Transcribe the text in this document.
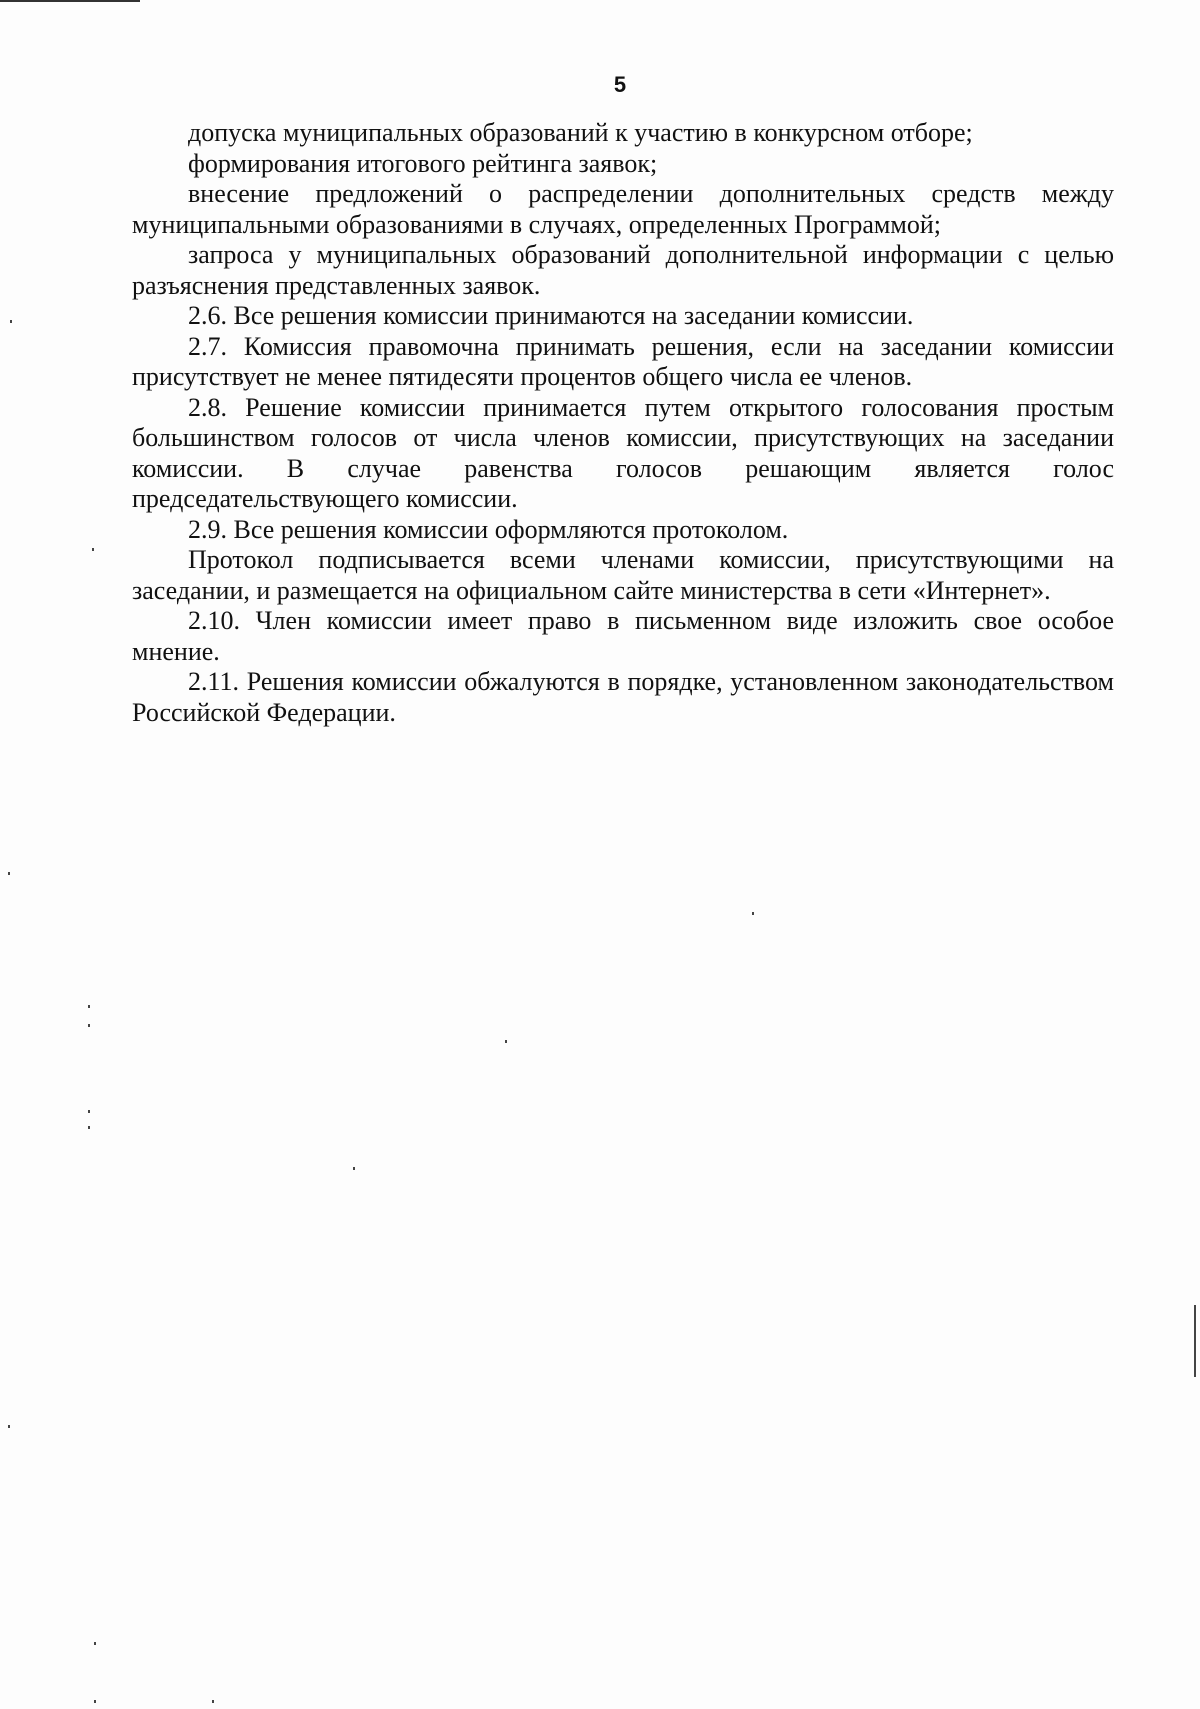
5

допуска муниципальных образований к участию в конкурсном отборе;

формирования итогового рейтинга заявок;

внесение предложений о распределении дополнительных средств между муниципальными образованиями в случаях, определенных Программой;

запроса у муниципальных образований дополнительной информации с целью разъяснения представленных заявок.

2.6. Все решения комиссии принимаются на заседании комиссии.

2.7. Комиссия правомочна принимать решения, если на заседании комиссии присутствует не менее пятидесяти процентов общего числа ее членов.

2.8. Решение комиссии принимается путем открытого голосования простым большинством голосов от числа членов комиссии, присутствующих на заседании комиссии. В случае равенства голосов решающим является голос председательствующего комиссии.

2.9. Все решения комиссии оформляются протоколом.

Протокол подписывается всеми членами комиссии, присутствующими на заседании, и размещается на официальном сайте министерства в сети «Интернет».

2.10. Член комиссии имеет право в письменном виде изложить свое особое мнение.

2.11. Решения комиссии обжалуются в порядке, установленном законодательством Российской Федерации.
